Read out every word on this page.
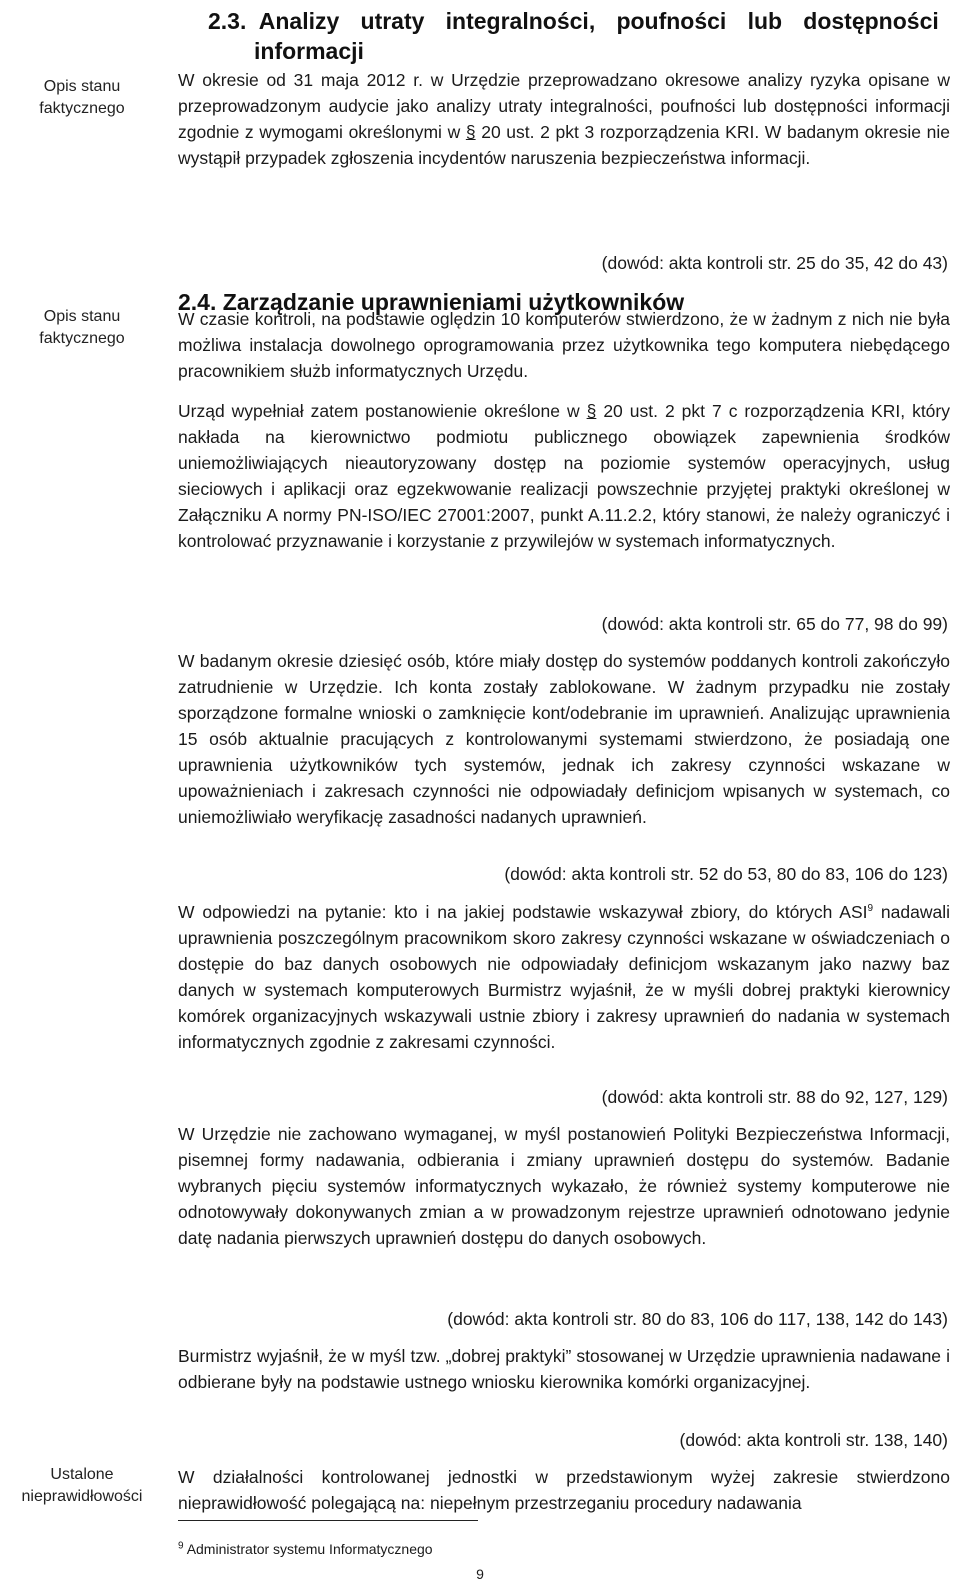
2.3. Analizy utraty integralności, poufności lub dostępności
informacji
Opis stanu faktycznego

W okresie od 31 maja 2012 r. w Urzędzie przeprowadzano okresowe analizy ryzyka opisane w przeprowadzonym audycie jako analizy utraty integralności, poufności lub dostępności informacji zgodnie z wymogami określonymi w § 20 ust. 2 pkt 3 rozporządzenia KRI. W badanym okresie nie wystąpił przypadek zgłoszenia incydentów naruszenia bezpieczeństwa informacji.

(dowód: akta kontroli str. 25 do 35, 42 do 43)
2.4. Zarządzanie uprawnieniami użytkowników
Opis stanu faktycznego

W czasie kontroli, na podstawie oględzin 10 komputerów stwierdzono, że w żadnym z nich nie była możliwa instalacja dowolnego oprogramowania przez użytkownika tego komputera niebędącego pracownikiem służb informatycznych Urzędu.

Urząd wypełniał zatem postanowienie określone w § 20 ust. 2 pkt 7 c rozporządzenia KRI, który nakłada na kierownictwo podmiotu publicznego obowiązek zapewnienia środków uniemożliwiających nieautoryzowany dostęp na poziomie systemów operacyjnych, usług sieciowych i aplikacji oraz egzekwowanie realizacji powszechnie przyjętej praktyki określonej w Załączniku A normy PN-ISO/IEC 27001:2007, punkt A.11.2.2, który stanowi, że należy ograniczyć i kontrolować przyznawanie i korzystanie z przywilejów w systemach informatycznych.

(dowód: akta kontroli str. 65 do 77, 98 do 99)

W badanym okresie dziesięć osób, które miały dostęp do systemów poddanych kontroli zakończyło zatrudnienie w Urzędzie. Ich konta zostały zablokowane. W żadnym przypadku nie zostały sporządzone formalne wnioski o zamknięcie kont/odebranie im uprawnień. Analizując uprawnienia 15 osób aktualnie pracujących z kontrolowanymi systemami stwierdzono, że posiadają one uprawnienia użytkowników tych systemów, jednak ich zakresy czynności wskazane w upoważnieniach i zakresach czynności nie odpowiadały definicjom wpisanych w systemach, co uniemożliwiało weryfikację zasadności nadanych uprawnień.

(dowód: akta kontroli str. 52 do 53, 80 do 83, 106 do 123)

W odpowiedzi na pytanie: kto i na jakiej podstawie wskazywał zbiory, do których ASI$^9$ nadawali uprawnienia poszczególnym pracownikom skoro zakresy czynności wskazane w oświadczeniach o dostępie do baz danych osobowych nie odpowiadały definicjom wskazanym jako nazwy baz danych w systemach komputerowych Burmistrz wyjaśnił, że w myśli dobrej praktyki kierownicy komórek organizacyjnych wskazywali ustnie zbiory i zakresy uprawnień do nadania w systemach informatycznych zgodnie z zakresami czynności.

(dowód: akta kontroli str. 88 do 92, 127, 129)

W Urzędzie nie zachowano wymaganej, w myśl postanowień Polityki Bezpieczeństwa Informacji, pisemnej formy nadawania, odbierania i zmiany uprawnień dostępu do systemów. Badanie wybranych pięciu systemów informatycznych wykazało, że również systemy komputerowe nie odnotowywały dokonywanych zmian a w prowadzonym rejestrze uprawnień odnotowano jedynie datę nadania pierwszych uprawnień dostępu do danych osobowych.

(dowód: akta kontroli str. 80 do 83, 106 do 117, 138, 142 do 143)

Burmistrz wyjaśnił, że w myśl tzw. „dobrej praktyki” stosowanej w Urzędzie uprawnienia nadawane i odbierane były na podstawie ustnego wniosku kierownika komórki organizacyjnej.

(dowód: akta kontroli str. 138, 140)
Ustalone nieprawidłowości

W działalności kontrolowanej jednostki w przedstawionym wyżej zakresie stwierdzono nieprawidłowość polegającą na: niepełnym przestrzeganiu procedury nadawania

$^9$ Administrator systemu Informatycznego
9
